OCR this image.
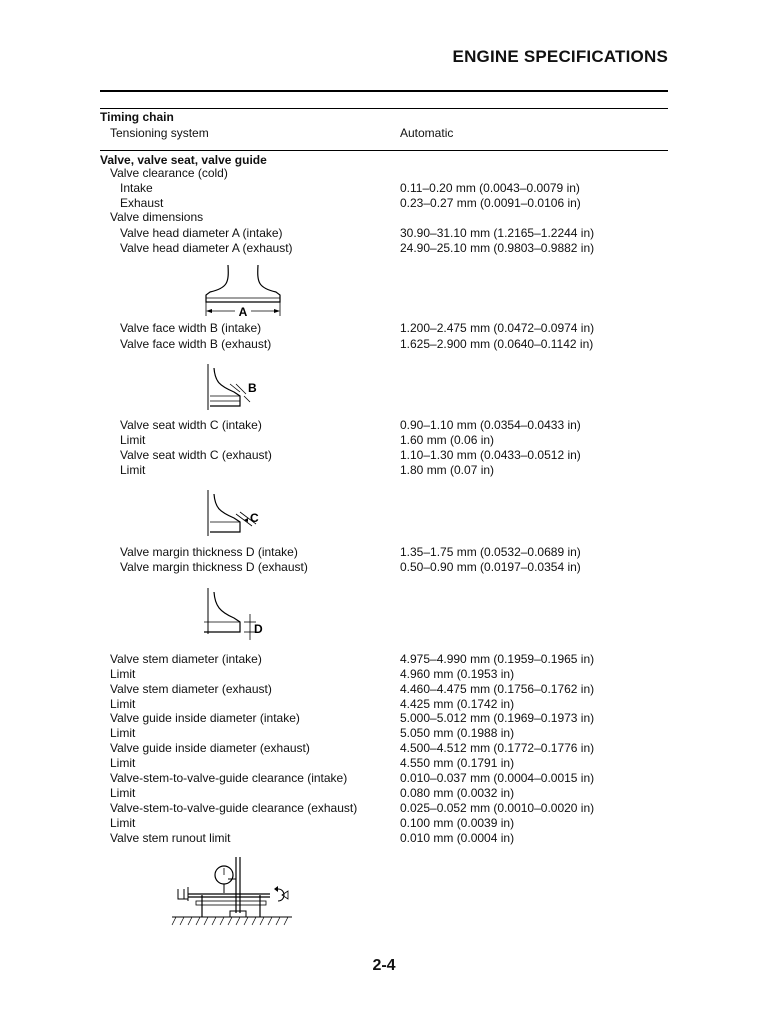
ENGINE SPECIFICATIONS
Timing chain
Tensioning system	Automatic
Valve, valve seat, valve guide
Valve clearance (cold)
Intake	0.11–0.20 mm (0.0043–0.0079 in)
Exhaust	0.23–0.27 mm (0.0091–0.0106 in)
Valve dimensions
Valve head diameter A (intake)	30.90–31.10 mm (1.2165–1.2244 in)
Valve head diameter A (exhaust)	24.90–25.10 mm (0.9803–0.9882 in)
A
Valve face width B (intake)	1.200–2.475 mm (0.0472–0.0974 in)
Valve face width B (exhaust)	1.625–2.900 mm (0.0640–0.1142 in)
B
Valve seat width C (intake)	0.90–1.10 mm (0.0354–0.0433 in)
Limit	1.60 mm (0.06 in)
Valve seat width C (exhaust)	1.10–1.30 mm (0.0433–0.0512 in)
Limit	1.80 mm (0.07 in)
C
Valve margin thickness D (intake)	1.35–1.75 mm (0.0532–0.0689 in)
Valve margin thickness D (exhaust)	0.50–0.90 mm (0.0197–0.0354 in)
D
Valve stem diameter (intake)	4.975–4.990 mm (0.1959–0.1965 in)
Limit	4.960 mm (0.1953 in)
Valve stem diameter (exhaust)	4.460–4.475 mm (0.1756–0.1762 in)
Limit	4.425 mm (0.1742 in)
Valve guide inside diameter (intake)	5.000–5.012 mm (0.1969–0.1973 in)
Limit	5.050 mm (0.1988 in)
Valve guide inside diameter (exhaust)	4.500–4.512 mm (0.1772–0.1776 in)
Limit	4.550 mm (0.1791 in)
Valve-stem-to-valve-guide clearance (intake)	0.010–0.037 mm (0.0004–0.0015 in)
Limit	0.080 mm (0.0032 in)
Valve-stem-to-valve-guide clearance (exhaust)	0.025–0.052 mm (0.0010–0.0020 in)
Limit	0.100 mm (0.0039 in)
Valve stem runout limit	0.010 mm (0.0004 in)
2-4
